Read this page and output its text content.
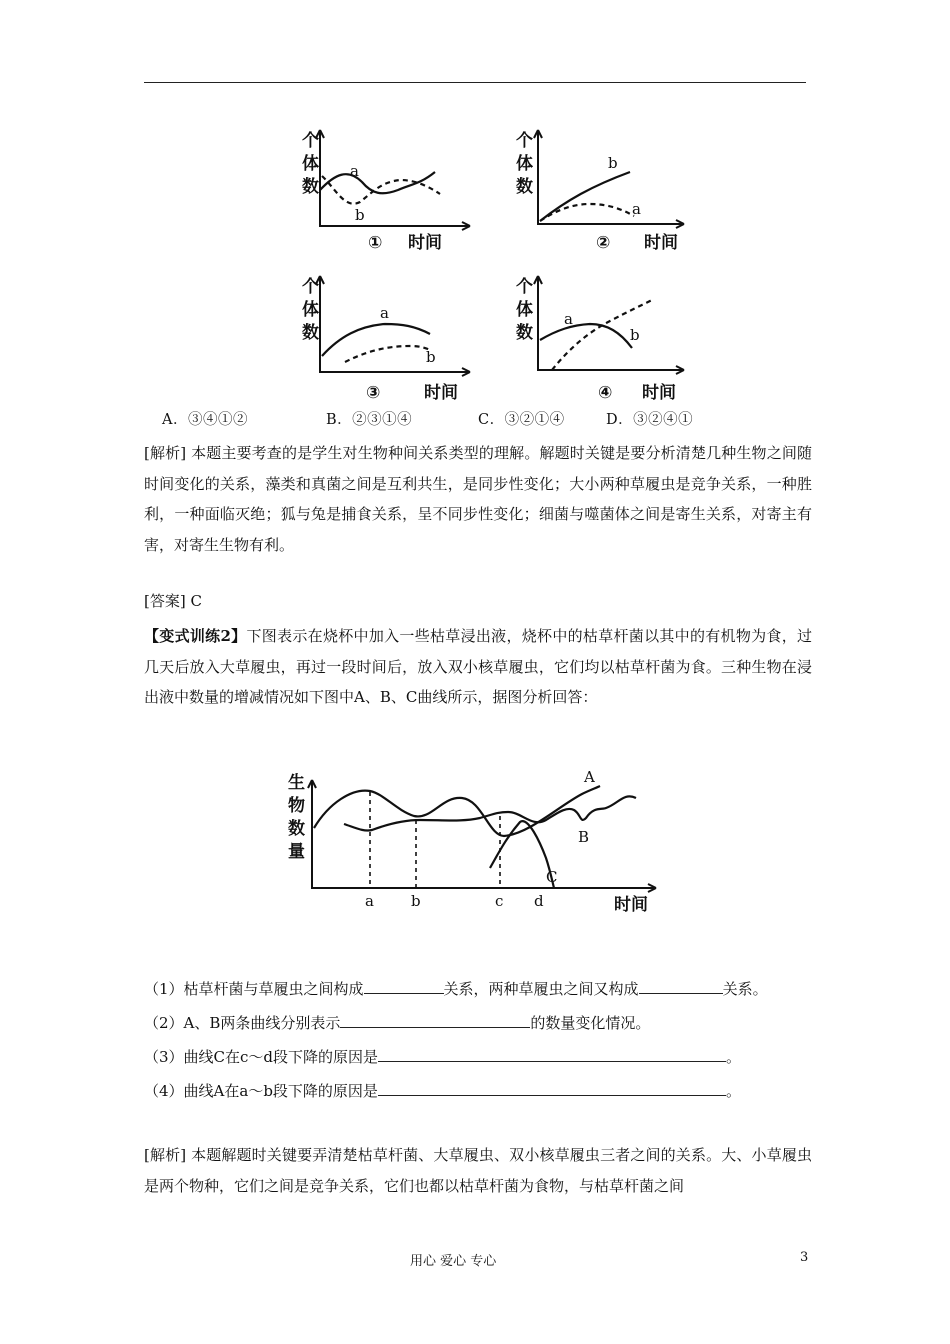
个
体
数
a
b
① 时间
个
体
数
b
a
② 时间
个
体
数
a
b
③	时间
个
体
数
a
b
④ 时间
A．③④①②	B．②③①④	C．③②①④	D．③②④①
[解析] 本题主要考查的是学生对生物种间关系类型的理解。解题时关键是要分析清楚几种生物之间随时间变化的关系，藻类和真菌之间是互利共生，是同步性变化；大小两种草履虫是竞争关系，一种胜利，一种面临灭绝；狐与兔是捕食关系，呈不同步性变化；细菌与噬菌体之间是寄生关系，对寄主有害，对寄生生物有利。
[答案] C
【变式训练2】下图表示在烧杯中加入一些枯草浸出液，烧杯中的枯草杆菌以其中的有机物为食，过几天后放入大草履虫，再过一段时间后，放入双小核草履虫，它们均以枯草杆菌为食。三种生物在浸出液中数量的增减情况如下图中A、B、C曲线所示，据图分析回答：
生
物
数
量
A
B
C
a b	c d	时间
（1）枯草杆菌与草履虫之间构成	关系，两种草履虫之间又构成	关系。
（2）A、B两条曲线分别表示	的数量变化情况。
（3）曲线C在c～d段下降的原因是	。
（4）曲线A在a～b段下降的原因是	。
[解析] 本题解题时关键要弄清楚枯草杆菌、大草履虫、双小核草履虫三者之间的关系。大、小草履虫是两个物种，它们之间是竞争关系，它们也都以枯草杆菌为食物，与枯草杆菌之间
用心 爱心 专心	3
